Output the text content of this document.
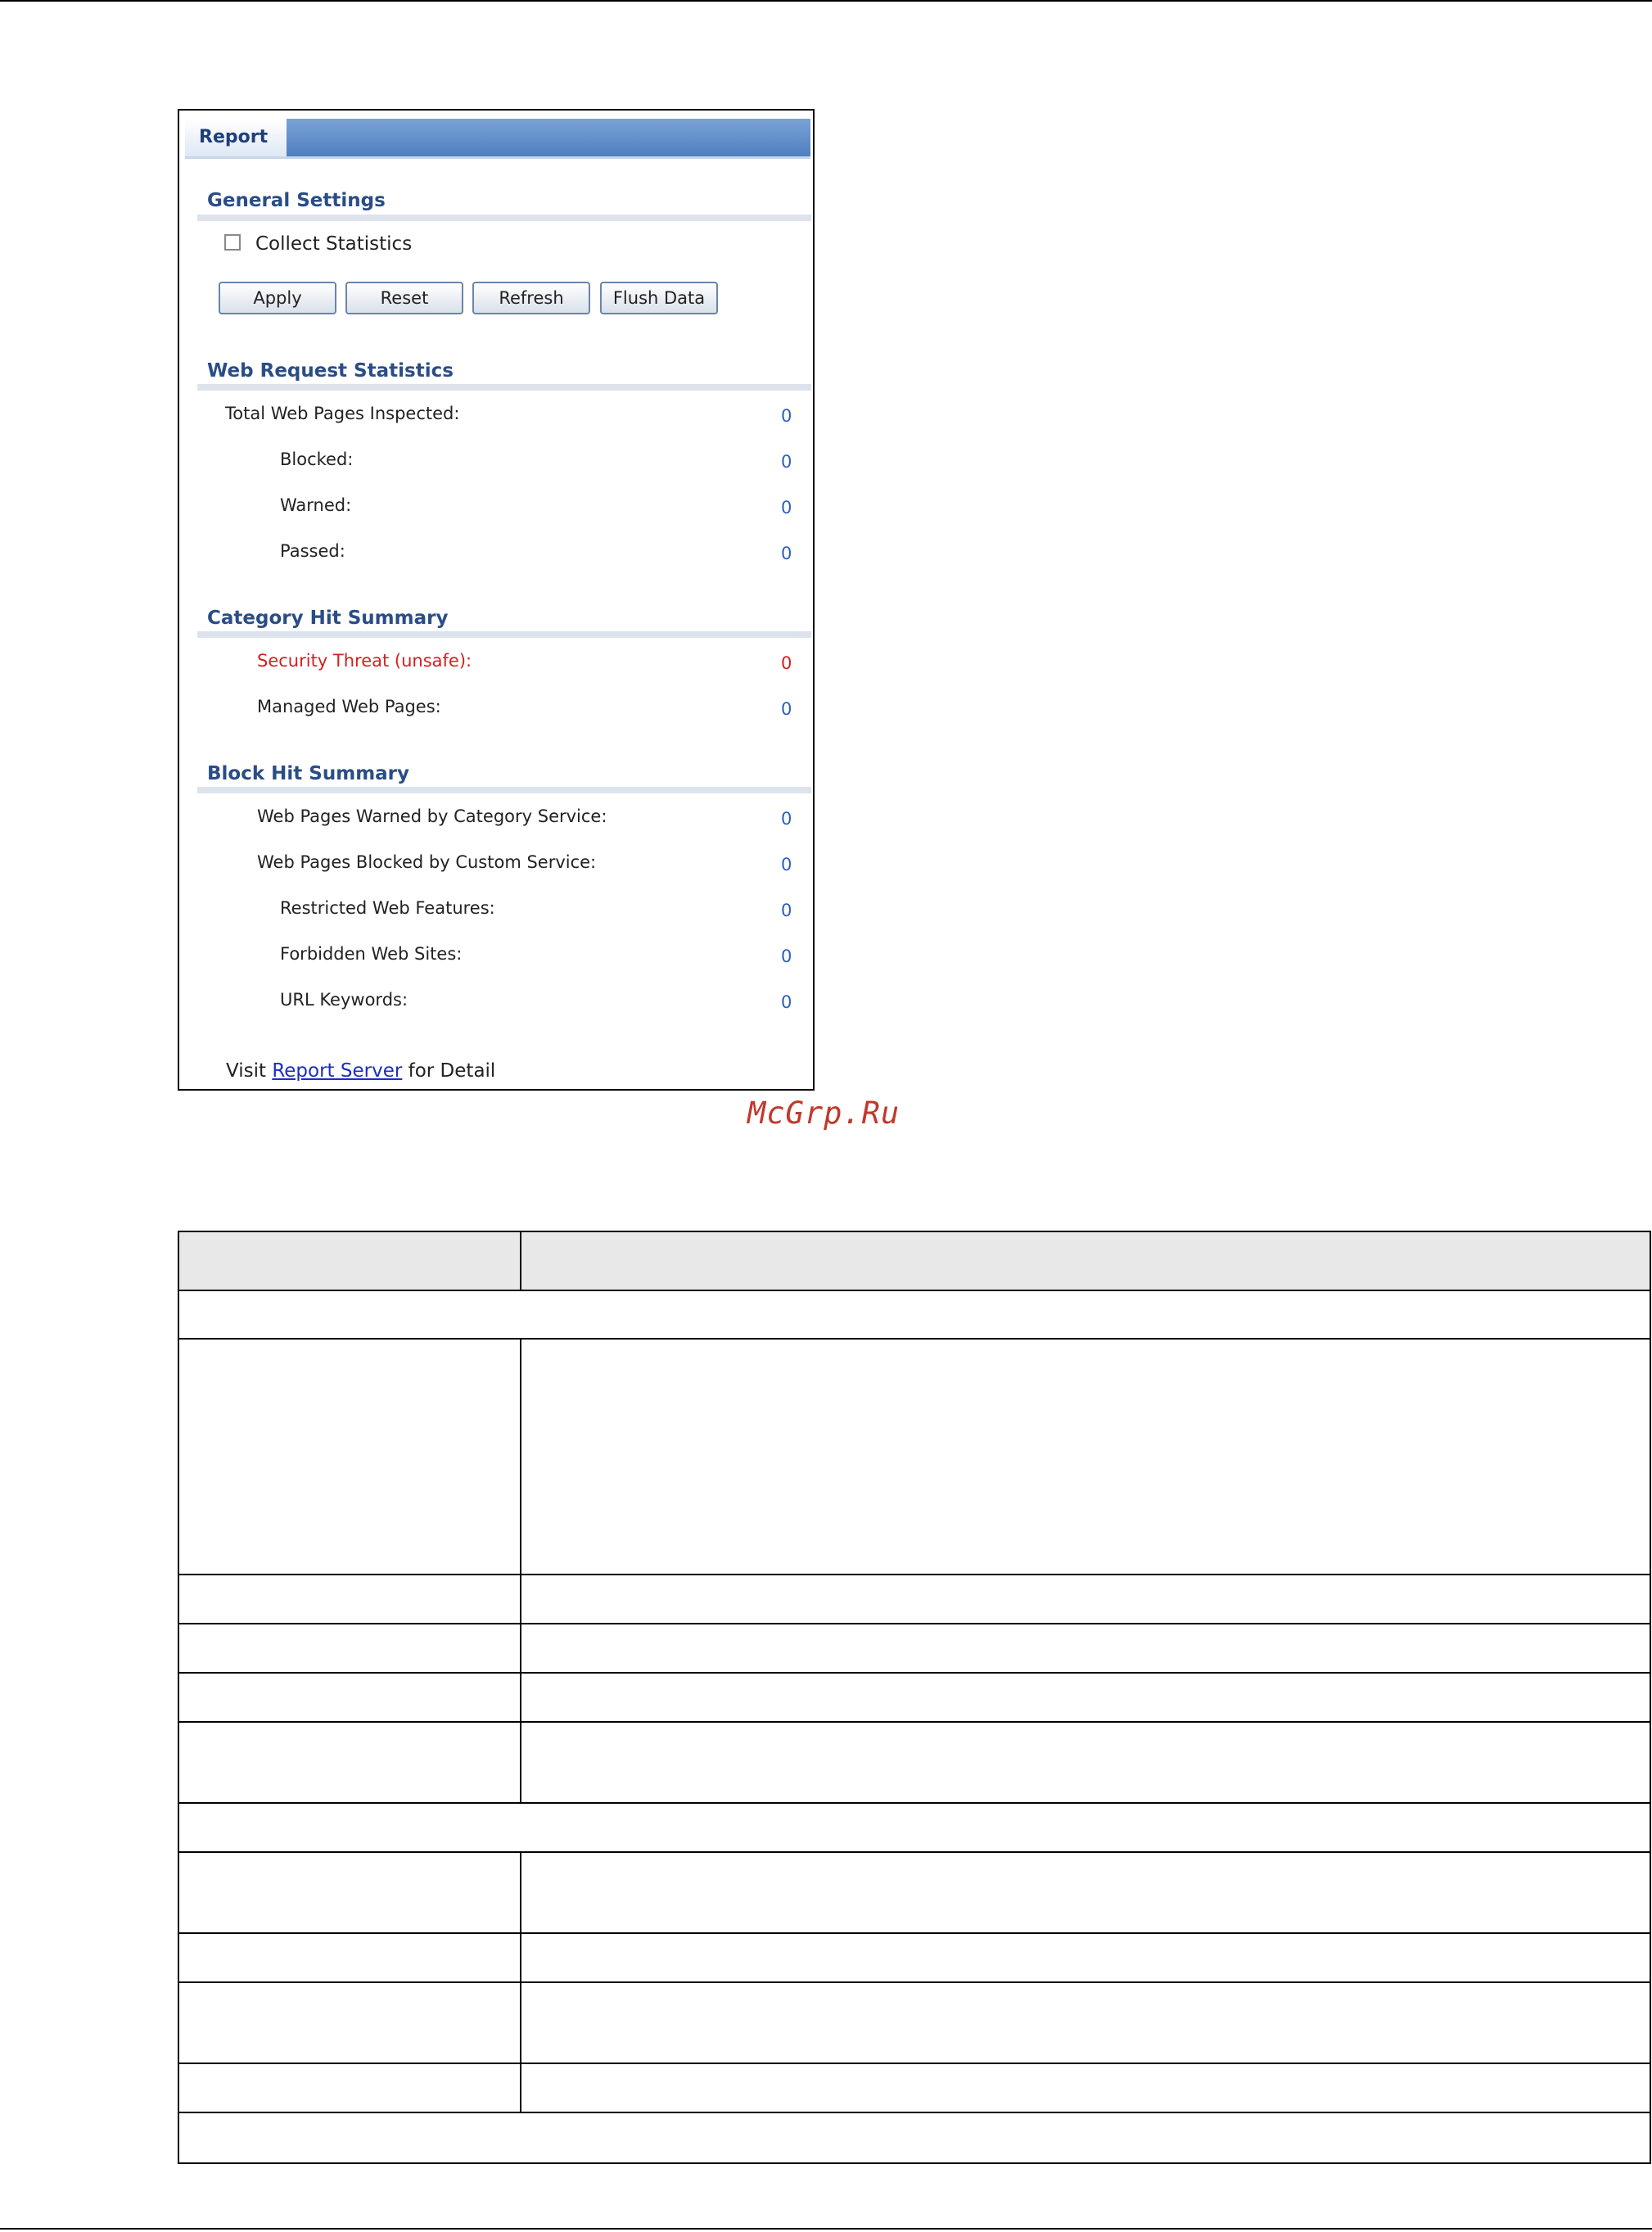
Report
General Settings
Collect Statistics
Apply	Reset	Refresh	Flush Data
Web Request Statistics
Total Web Pages Inspected:	0
Blocked:	0
Warned:	0
Passed:	0
Category Hit Summary
Security Threat (unsafe):	0
Managed Web Pages:	0
Block Hit Summary
Web Pages Warned by Category Service:	0
Web Pages Blocked by Custom Service:	0
Restricted Web Features:	0
Forbidden Web Sites:	0
URL Keywords:	0
Visit Report Server for Detail
McGrp.Ru
